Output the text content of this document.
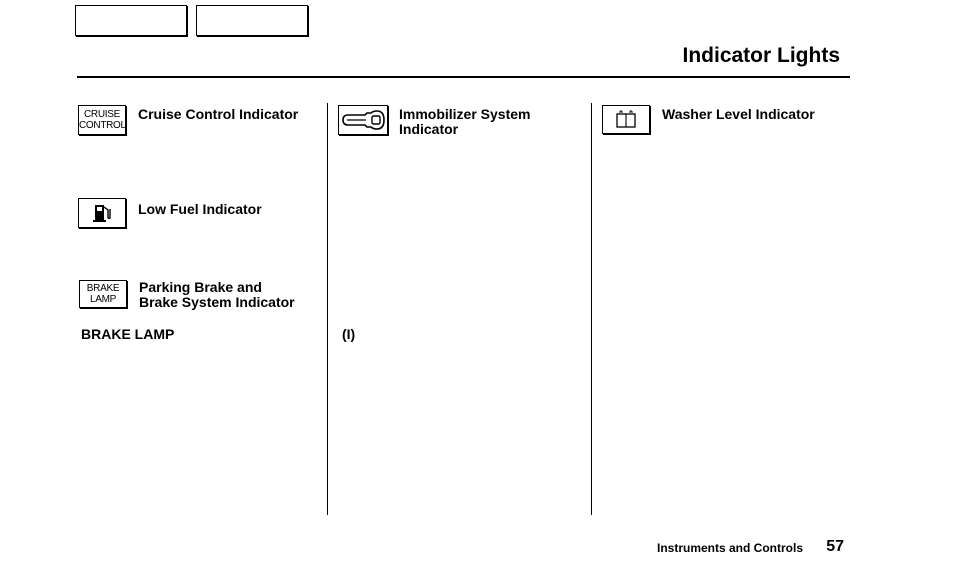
Indicator Lights
CRUISE
CONTROL
Cruise Control Indicator
Low Fuel Indicator
BRAKE
LAMP
Parking Brake and
Brake System Indicator
BRAKE LAMP
Immobilizer System
Indicator
(I)
Washer Level Indicator
Instruments and Controls 57
